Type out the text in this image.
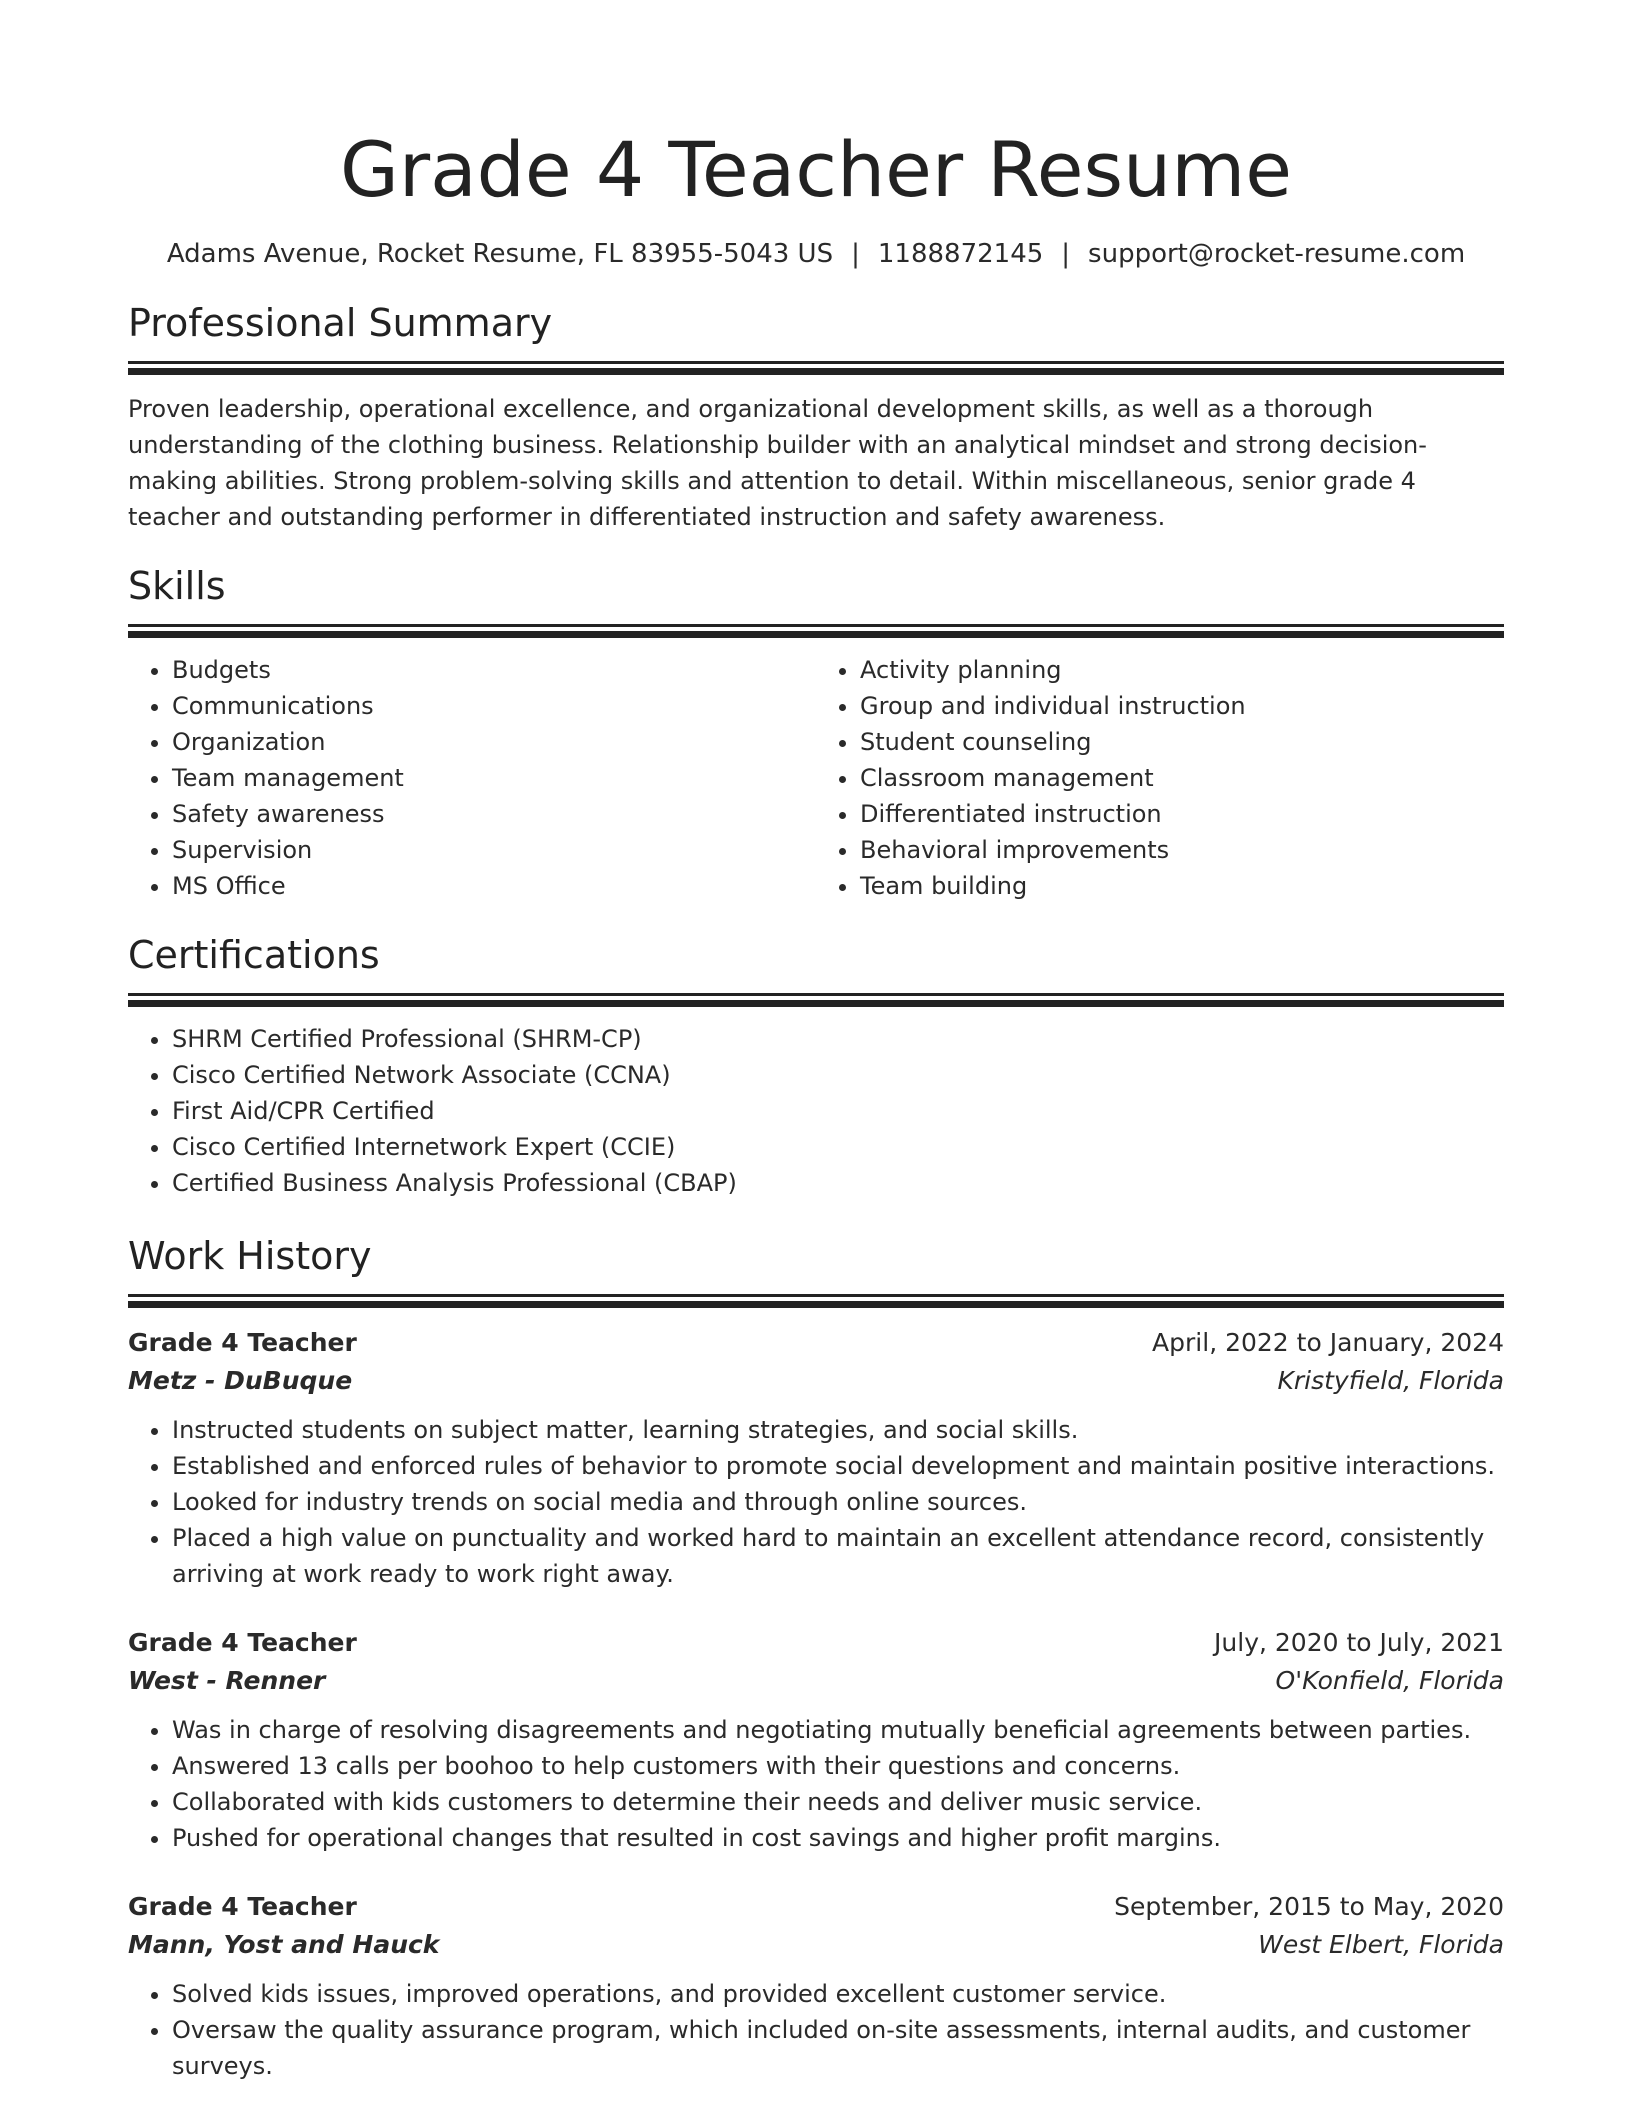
Grade 4 Teacher Resume
Adams Avenue, Rocket Resume, FL 83955-5043 US | 1188872145 | support@rocket-resume.com
Professional Summary
Proven leadership, operational excellence, and organizational development skills, as well as a thorough understanding of the clothing business. Relationship builder with an analytical mindset and strong decision-making abilities. Strong problem-solving skills and attention to detail. Within miscellaneous, senior grade 4 teacher and outstanding performer in differentiated instruction and safety awareness.
Skills
• Budgets
• Communications
• Organization
• Team management
• Safety awareness
• Supervision
• MS Office
• Activity planning
• Group and individual instruction
• Student counseling
• Classroom management
• Differentiated instruction
• Behavioral improvements
• Team building
Certifications
• SHRM Certified Professional (SHRM-CP)
• Cisco Certified Network Associate (CCNA)
• First Aid/CPR Certified
• Cisco Certified Internetwork Expert (CCIE)
• Certified Business Analysis Professional (CBAP)
Work History
Grade 4 Teacher	April, 2022 to January, 2024
Metz - DuBuque	Kristyfield, Florida
• Instructed students on subject matter, learning strategies, and social skills.
• Established and enforced rules of behavior to promote social development and maintain positive interactions.
• Looked for industry trends on social media and through online sources.
• Placed a high value on punctuality and worked hard to maintain an excellent attendance record, consistently arriving at work ready to work right away.
Grade 4 Teacher	July, 2020 to July, 2021
West - Renner	O'Konfield, Florida
• Was in charge of resolving disagreements and negotiating mutually beneficial agreements between parties.
• Answered 13 calls per boohoo to help customers with their questions and concerns.
• Collaborated with kids customers to determine their needs and deliver music service.
• Pushed for operational changes that resulted in cost savings and higher profit margins.
Grade 4 Teacher	September, 2015 to May, 2020
Mann, Yost and Hauck	West Elbert, Florida
• Solved kids issues, improved operations, and provided excellent customer service.
• Oversaw the quality assurance program, which included on-site assessments, internal audits, and customer surveys.
